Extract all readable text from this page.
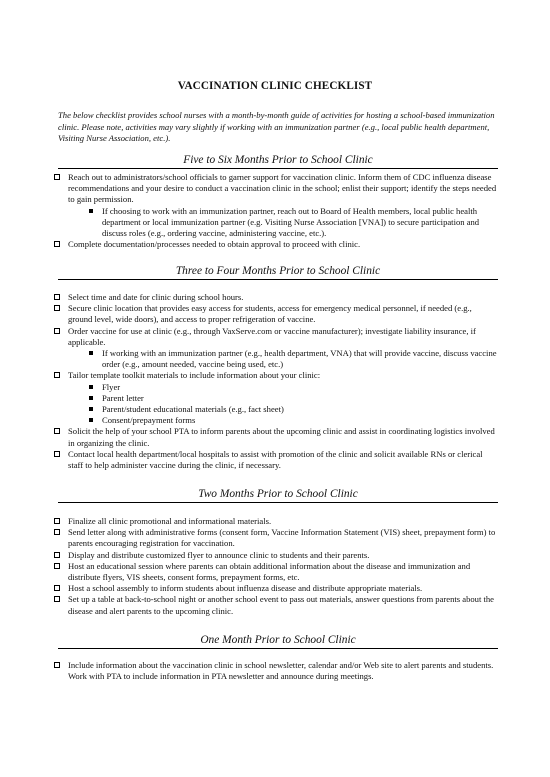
VACCINATION CLINIC CHECKLIST
The below checklist provides school nurses with a month-by-month guide of activities for hosting a school-based immunization clinic. Please note, activities may vary slightly if working with an immunization partner (e.g., local public health department, Visiting Nurse Association, etc.).
Five to Six Months Prior to School Clinic
Reach out to administrators/school officials to garner support for vaccination clinic. Inform them of CDC influenza disease recommendations and your desire to conduct a vaccination clinic in the school; enlist their support; identify the steps needed to gain permission.
If choosing to work with an immunization partner, reach out to Board of Health members, local public health department or local immunization partner (e.g. Visiting Nurse Association [VNA]) to secure participation and discuss roles (e.g., ordering vaccine, administering vaccine, etc.).
Complete documentation/processes needed to obtain approval to proceed with clinic.
Three to Four Months Prior to School Clinic
Select time and date for clinic during school hours.
Secure clinic location that provides easy access for students, access for emergency medical personnel, if needed (e.g., ground level, wide doors), and access to proper refrigeration of vaccine.
Order vaccine for use at clinic (e.g., through VaxServe.com or vaccine manufacturer); investigate liability insurance, if applicable.
If working with an immunization partner (e.g., health department, VNA) that will provide vaccine, discuss vaccine order (e.g., amount needed, vaccine being used, etc.)
Tailor template toolkit materials to include information about your clinic:
Flyer
Parent letter
Parent/student educational materials (e.g., fact sheet)
Consent/prepayment forms
Solicit the help of your school PTA to inform parents about the upcoming clinic and assist in coordinating logistics involved in organizing the clinic.
Contact local health department/local hospitals to assist with promotion of the clinic and solicit available RNs or clerical staff to help administer vaccine during the clinic, if necessary.
Two Months Prior to School Clinic
Finalize all clinic promotional and informational materials.
Send letter along with administrative forms (consent form, Vaccine Information Statement (VIS) sheet, prepayment form) to parents encouraging registration for vaccination.
Display and distribute customized flyer to announce clinic to students and their parents.
Host an educational session where parents can obtain additional information about the disease and immunization and distribute flyers, VIS sheets, consent forms, prepayment forms, etc.
Host a school assembly to inform students about influenza disease and distribute appropriate materials.
Set up a table at back-to-school night or another school event to pass out materials, answer questions from parents about the disease and alert parents to the upcoming clinic.
One Month Prior to School Clinic
Include information about the vaccination clinic in school newsletter, calendar and/or Web site to alert parents and students. Work with PTA to include information in PTA newsletter and announce during meetings.
